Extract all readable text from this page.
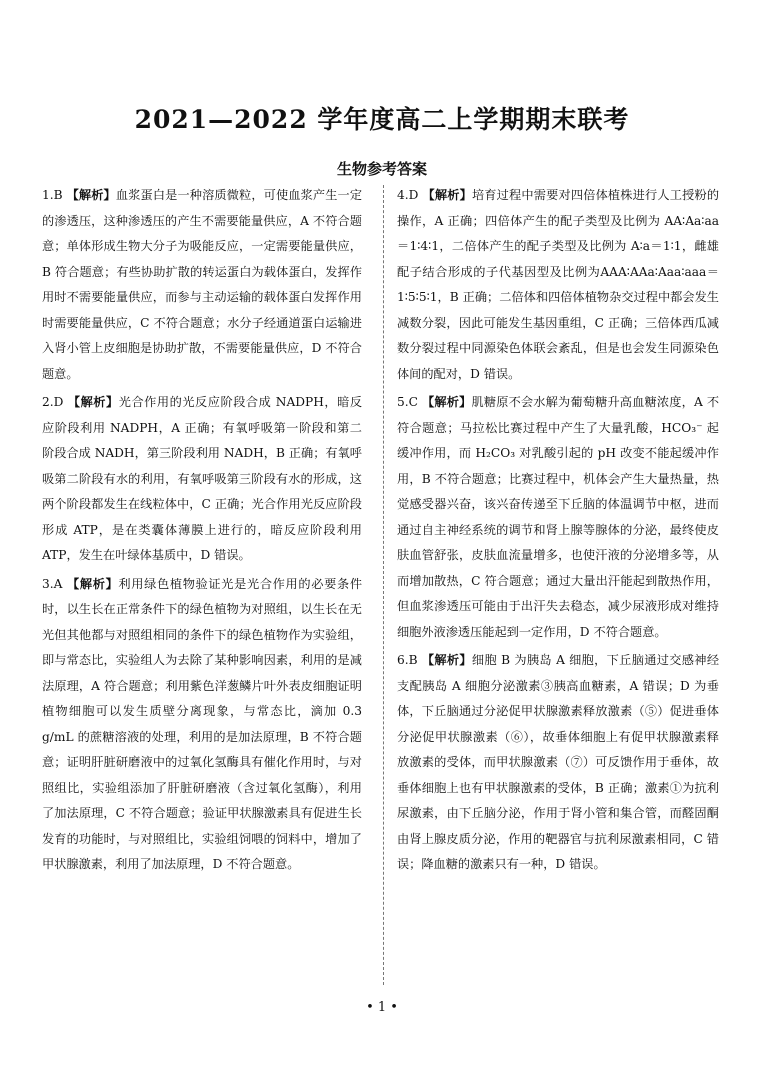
2021—2022 学年度高二上学期期末联考
生物参考答案

1.B 【解析】血浆蛋白是一种溶质微粒，可使血浆产生一定的渗透压，这种渗透压的产生不需要能量供应，A 不符合题意；单体形成生物大分子为吸能反应，一定需要能量供应，B 符合题意；有些协助扩散的转运蛋白为载体蛋白，发挥作用时不需要能量供应，而参与主动运输的载体蛋白发挥作用时需要能量供应，C 不符合题意；水分子经通道蛋白运输进入肾小管上皮细胞是协助扩散，不需要能量供应，D 不符合题意。

2.D 【解析】光合作用的光反应阶段合成 NADPH，暗反应阶段利用 NADPH，A 正确；有氧呼吸第一阶段和第二阶段合成 NADH，第三阶段利用 NADH，B 正确；有氧呼吸第二阶段有水的利用，有氧呼吸第三阶段有水的形成，这两个阶段都发生在线粒体中，C 正确；光合作用光反应阶段形成 ATP，是在类囊体薄膜上进行的，暗反应阶段利用 ATP，发生在叶绿体基质中，D 错误。

3.A 【解析】利用绿色植物验证光是光合作用的必要条件时，以生长在正常条件下的绿色植物为对照组，以生长在无光但其他都与对照组相同的条件下的绿色植物作为实验组，即与常态比，实验组人为去除了某种影响因素，利用的是减法原理，A 符合题意；利用紫色洋葱鳞片叶外表皮细胞证明植物细胞可以发生质壁分离现象，与常态比，滴加 0.3 g/mL 的蔗糖溶液的处理，利用的是加法原理，B 不符合题意；证明肝脏研磨液中的过氧化氢酶具有催化作用时，与对照组比，实验组添加了肝脏研磨液（含过氧化氢酶），利用了加法原理，C 不符合题意；验证甲状腺激素具有促进生长发育的功能时，与对照组比，实验组饲喂的饲料中，增加了甲状腺激素，利用了加法原理，D 不符合题意。

4.D 【解析】培育过程中需要对四倍体植株进行人工授粉的操作，A 正确；四倍体产生的配子类型及比例为 AA∶Aa∶aa＝1∶4∶1，二倍体产生的配子类型及比例为 A∶a＝1∶1，雌雄配子结合形成的子代基因型及比例为AAA∶AAa∶Aaa∶aaa＝1∶5∶5∶1，B 正确；二倍体和四倍体植物杂交过程中都会发生减数分裂，因此可能发生基因重组，C 正确；三倍体西瓜减数分裂过程中同源染色体联会紊乱，但是也会发生同源染色体间的配对，D 错误。

5.C 【解析】肌糖原不会水解为葡萄糖升高血糖浓度，A 不符合题意；马拉松比赛过程中产生了大量乳酸，HCO₃⁻ 起缓冲作用，而 H₂CO₃ 对乳酸引起的 pH 改变不能起缓冲作用，B 不符合题意；比赛过程中，机体会产生大量热量，热觉感受器兴奋，该兴奋传递至下丘脑的体温调节中枢，进而通过自主神经系统的调节和肾上腺等腺体的分泌，最终使皮肤血管舒张，皮肤血流量增多，也使汗液的分泌增多等，从而增加散热，C 符合题意；通过大量出汗能起到散热作用，但血浆渗透压可能由于出汗失去稳态，减少尿液形成对维持细胞外液渗透压能起到一定作用，D 不符合题意。

6.B 【解析】细胞 B 为胰岛 A 细胞，下丘脑通过交感神经支配胰岛 A 细胞分泌激素③胰高血糖素，A 错误；D 为垂体，下丘脑通过分泌促甲状腺激素释放激素（⑤）促进垂体分泌促甲状腺激素（⑥），故垂体细胞上有促甲状腺激素释放激素的受体，而甲状腺激素（⑦）可反馈作用于垂体，故垂体细胞上也有甲状腺激素的受体，B 正确；激素①为抗利尿激素，由下丘脑分泌，作用于肾小管和集合管，而醛固酮由肾上腺皮质分泌，作用的靶器官与抗利尿激素相同，C 错误；降血糖的激素只有一种，D 错误。

• 1 •
